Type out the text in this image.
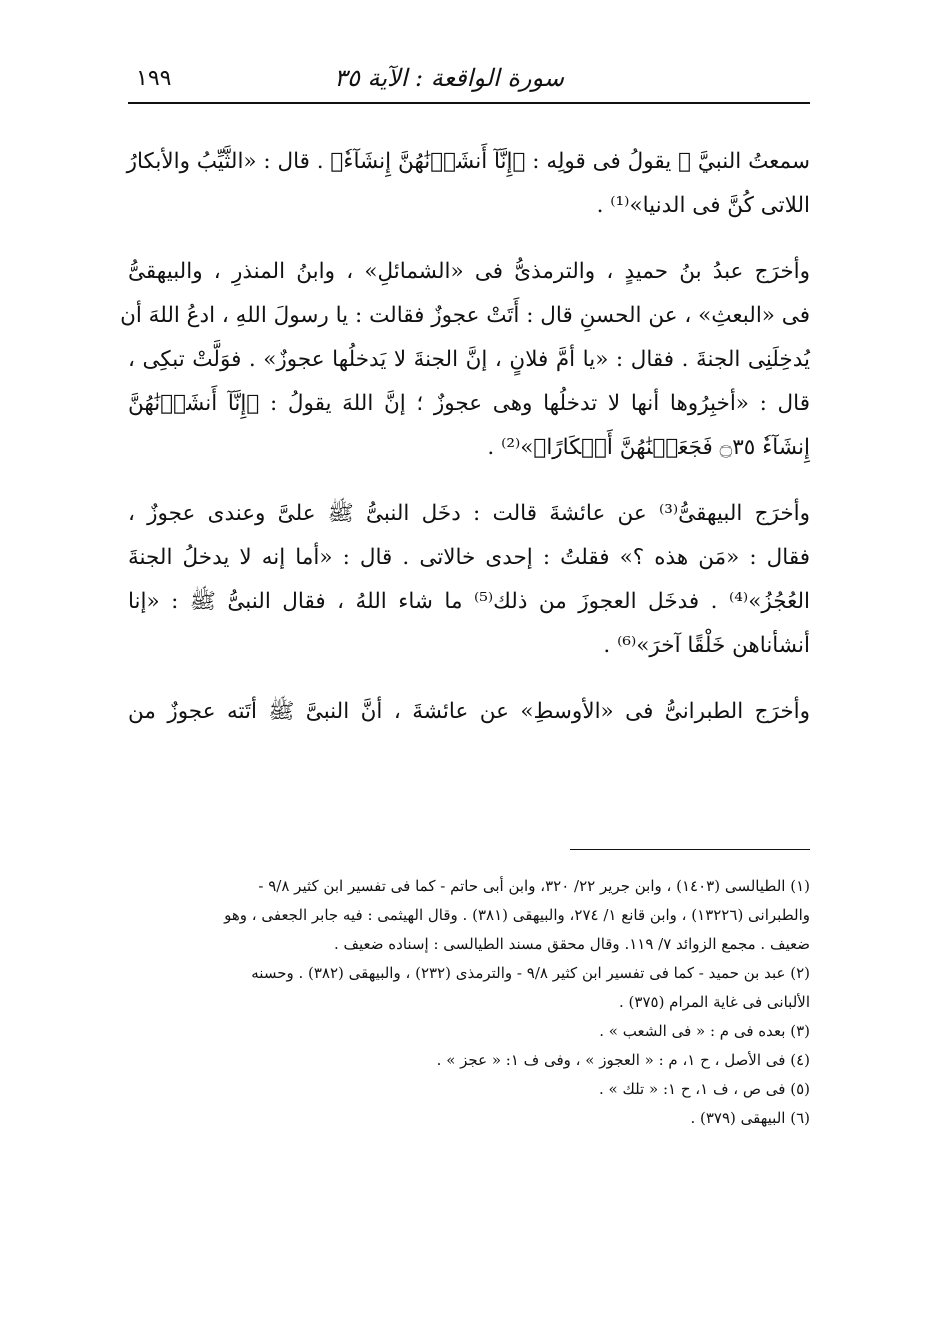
سورة الواقعة : الآية ٣٥
١٩٩
سمعتُ النبيَّ ﷺ يقولُ فى قولِه : ﴿إِنَّآ أَنشَأۡنَٰهُنَّ إِنشَآءٗ﴾ . قال : «الثَّيِّبُ والأبكارُ
اللاتى كُنَّ فى الدنيا»⁽¹⁾ .
وأخرَج عبدُ بنُ حميدٍ ، والترمذىُّ فى «الشمائلِ» ، وابنُ المنذرِ ، والبيهقىُّ
فى «البعثِ» ، عن الحسنِ قال : أَتَتْ عجوزٌ فقالت : يا رسولَ اللهِ ، ادعُ اللهَ أن
يُدخِلَنِى الجنةَ . فقال : «يا أمَّ فلانٍ ، إنَّ الجنةَ لا يَدخلُها عجوزٌ» . فوَلَّتْ تبكِى ،
قال : «أخبِرُوها أنها لا تدخلُها وهى عجوزٌ ؛ إنَّ اللهَ يقولُ : ﴿إِنَّآ أَنشَأۡنَٰهُنَّ
إِنشَآءٗ ۝٣٥ فَجَعَلۡنَٰهُنَّ أَبۡكَارًا﴾»⁽²⁾ .
وأخرَج البيهقىُّ⁽³⁾ عن عائشةَ قالت : دخَل النبىُّ ﷺ علىَّ وعندى عجوزٌ ،
فقال : «مَن هذه ؟» فقلتُ : إحدى خالاتى . قال : «أما إنه لا يدخلُ الجنةَ
العُجُزُ»⁽⁴⁾ . فدخَل العجوزَ من ذلك⁽⁵⁾ ما شاء اللهُ ، فقال النبىُّ ﷺ : «إنا
أنشأناهن خَلْقًا آخرَ»⁽⁶⁾ .
وأخرَج الطبرانىُّ فى «الأوسطِ» عن عائشةَ ، أنَّ النبىَّ ﷺ أتَته عجوزٌ من
(١) الطيالسى (١٤٠٣) ، وابن جرير ٢٢/ ٣٢٠، وابن أبى حاتم - كما فى تفسير ابن كثير ٩/٨ -
والطبرانى (١٣٢٢٦) ، وابن قانع ١/ ٢٧٤، والبيهقى (٣٨١) . وقال الهيثمى : فيه جابر الجعفى ، وهو
ضعيف . مجمع الزوائد ٧/ ١١٩. وقال محقق مسند الطيالسى : إسناده ضعيف .
(٢) عبد بن حميد - كما فى تفسير ابن كثير ٩/٨ - والترمذى (٢٣٢) ، والبيهقى (٣٨٢) . وحسنه
الألبانى فى غاية المرام (٣٧٥) .
(٣) بعده فى م : « فى الشعب » .
(٤) فى الأصل ، ح ١، م : « العجوز » ، وفى ف ١: « عجز » .
(٥) فى ص ، ف ١، ح ١: « تلك » .
(٦) البيهقى (٣٧٩) .
